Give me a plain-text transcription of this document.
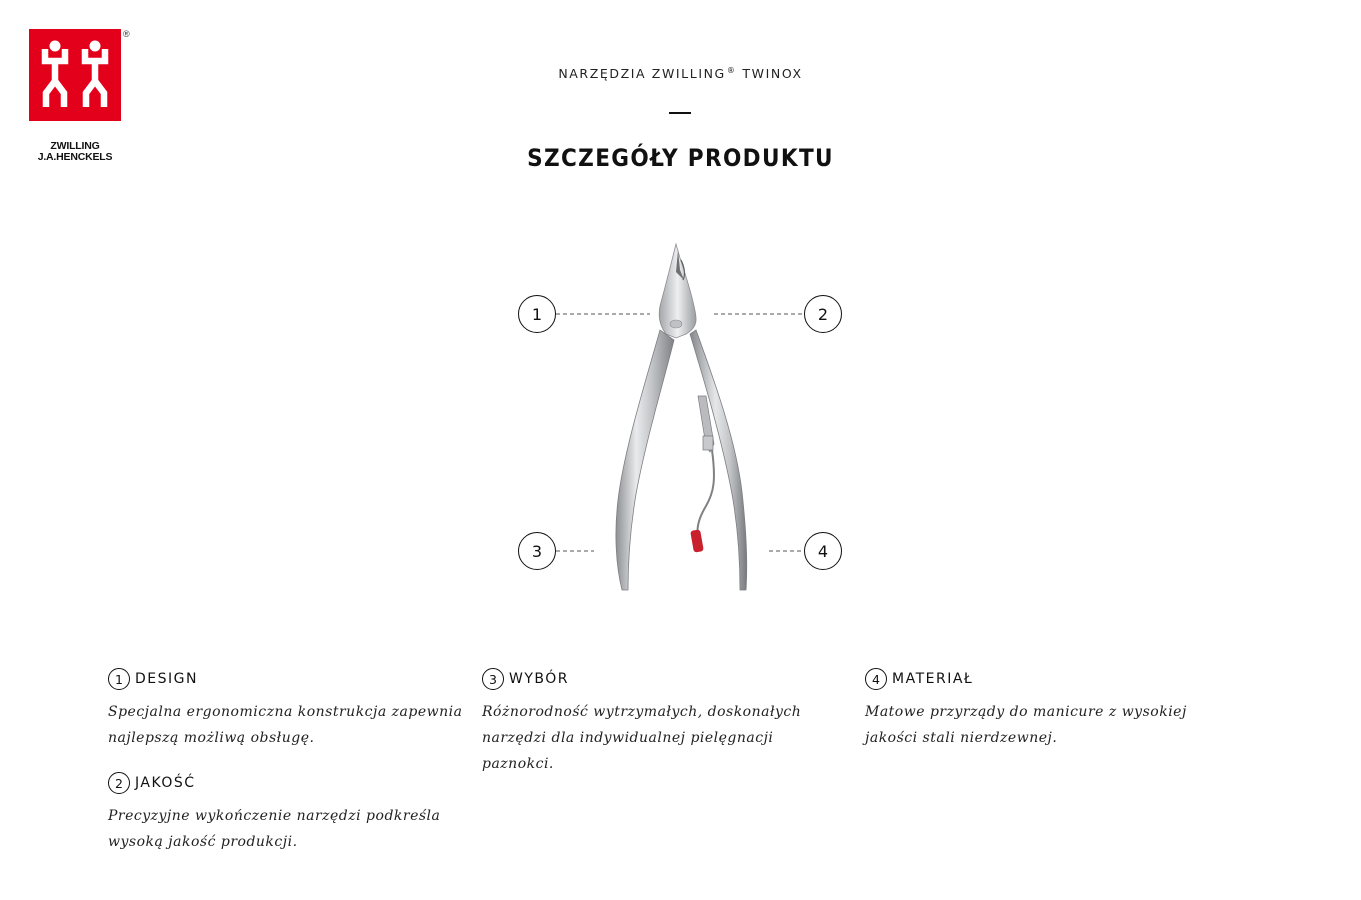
®
ZWILLING
J.A.HENCKELS
NARZĘDZIA ZWILLING® TWINOX
SZCZEGÓŁY PRODUKTU
1	2
3	4
1 DESIGN

Specjalna ergonomiczna konstrukcja zapewnia najlepszą możliwą obsługę.

2 JAKOŚĆ

Precyzyjne wykończenie narzędzi podkreśla wysoką jakość produkcji.

3 WYBÓR

Różnorodność wytrzymałych, doskonałych narzędzi dla indywidualnej pielęgnacji paznokci.

4 MATERIAŁ

Matowe przyrządy do manicure z wysokiej jakości stali nierdzewnej.
